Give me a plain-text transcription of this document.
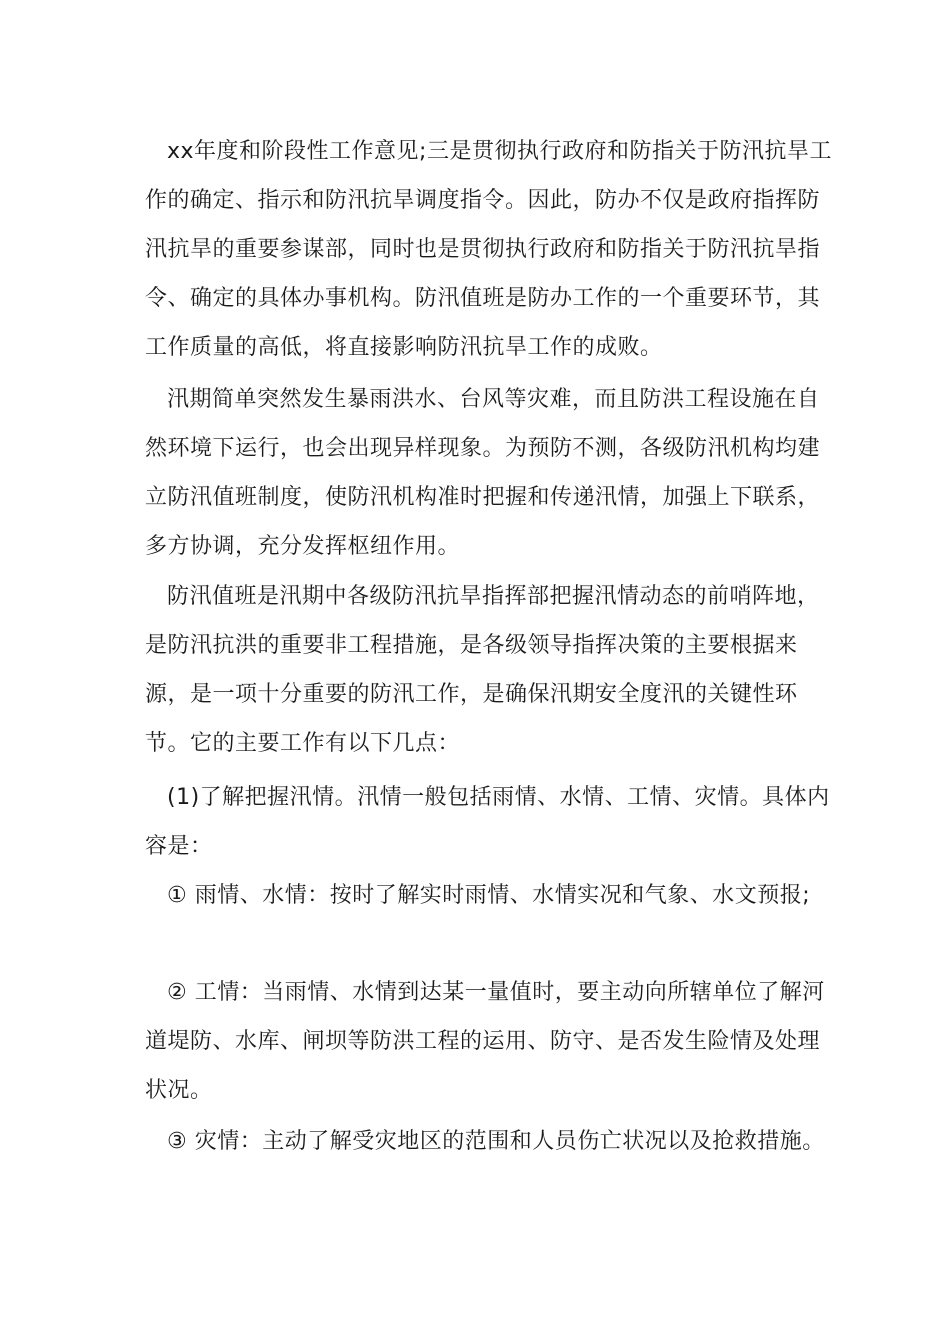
xx年度和阶段性工作意见;三是贯彻执行政府和防指关于防汛抗旱工作的确定、指示和防汛抗旱调度指令。因此，防办不仅是政府指挥防汛抗旱的重要参谋部，同时也是贯彻执行政府和防指关于防汛抗旱指令、确定的具体办事机构。防汛值班是防办工作的一个重要环节，其工作质量的高低，将直接影响防汛抗旱工作的成败。

汛期简单突然发生暴雨洪水、台风等灾难，而且防洪工程设施在自然环境下运行，也会出现异样现象。为预防不测，各级防汛机构均建立防汛值班制度，使防汛机构准时把握和传递汛情，加强上下联系，多方协调，充分发挥枢纽作用。

防汛值班是汛期中各级防汛抗旱指挥部把握汛情动态的前哨阵地，是防汛抗洪的重要非工程措施，是各级领导指挥决策的主要根据来源，是一项十分重要的防汛工作，是确保汛期安全度汛的关键性环节。它的主要工作有以下几点：

(1)了解把握汛情。汛情一般包括雨情、水情、工情、灾情。具体内容是：

① 雨情、水情：按时了解实时雨情、水情实况和气象、水文预报;

② 工情：当雨情、水情到达某一量值时，要主动向所辖单位了解河道堤防、水库、闸坝等防洪工程的运用、防守、是否发生险情及处理状况。

③ 灾情：主动了解受灾地区的范围和人员伤亡状况以及抢救措施。
